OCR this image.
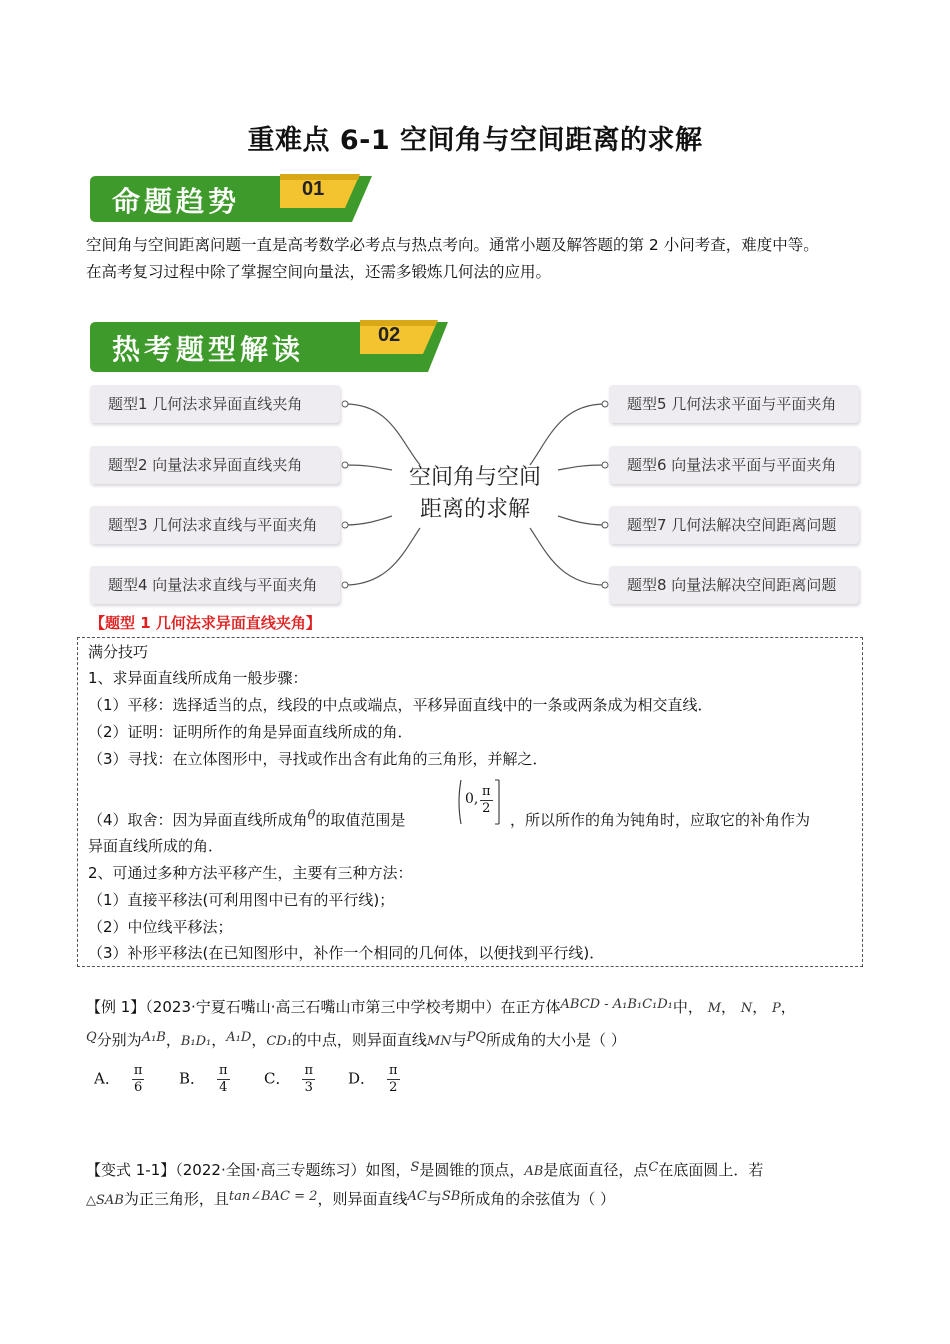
重难点 6-1 空间角与空间距离的求解
命题趋势	01
空间角与空间距离问题一直是高考数学必考点与热点考向。通常小题及解答题的第 2 小问考查，难度中等。
在高考复习过程中除了掌握空间向量法，还需多锻炼几何法的应用。
热考题型解读	02
题型1 几何法求异面直线夹角
题型2 向量法求异面直线夹角
题型3 几何法求直线与平面夹角
题型4 向量法求直线与平面夹角
题型5 几何法求平面与平面夹角
题型6 向量法求平面与平面夹角
题型7 几何法解决空间距离问题
题型8 向量法解决空间距离问题
空间角与空间
距离的求解
【题型 1 几何法求异面直线夹角】
满分技巧
1、求异面直线所成角一般步骤：
（1）平移：选择适当的点，线段的中点或端点，平移异面直线中的一条或两条成为相交直线．
（2）证明：证明所作的角是异面直线所成的角．
（3）寻找：在立体图形中，寻找或作出含有此角的三角形，并解之．
（4）取舍：因为异面直线所成角θ的取值范围是
0, $\frac{\pi}{2}$
，所以所作的角为钝角时，应取它的补角作为
异面直线所成的角．
2、可通过多种方法平移产生，主要有三种方法：
（1）直接平移法(可利用图中已有的平行线)；
（2）中位线平移法；
（3）补形平移法(在已知图形中，补作一个相同的几何体，以便找到平行线)．
【例 1】（2023·宁夏石嘴山·高三石嘴山市第三中学校考期中）在正方体ABCD - A₁B₁C₁D₁中， M， N， P，
Q分别为A₁B，B₁D₁，A₁D，CD₁的中点，则异面直线MN与PQ所成角的大小是（ ）
A． $\frac{\pi}{6}$ B． $\frac{\pi}{4}$ C． $\frac{\pi}{3}$ D． $\frac{\pi}{2}$
【变式 1-1】（2022·全国·高三专题练习）如图，S是圆锥的顶点，AB是底面直径，点C在底面圆上．若
△SAB为正三角形，且tan∠BAC = 2，则异面直线AC与SB所成角的余弦值为（ ）
